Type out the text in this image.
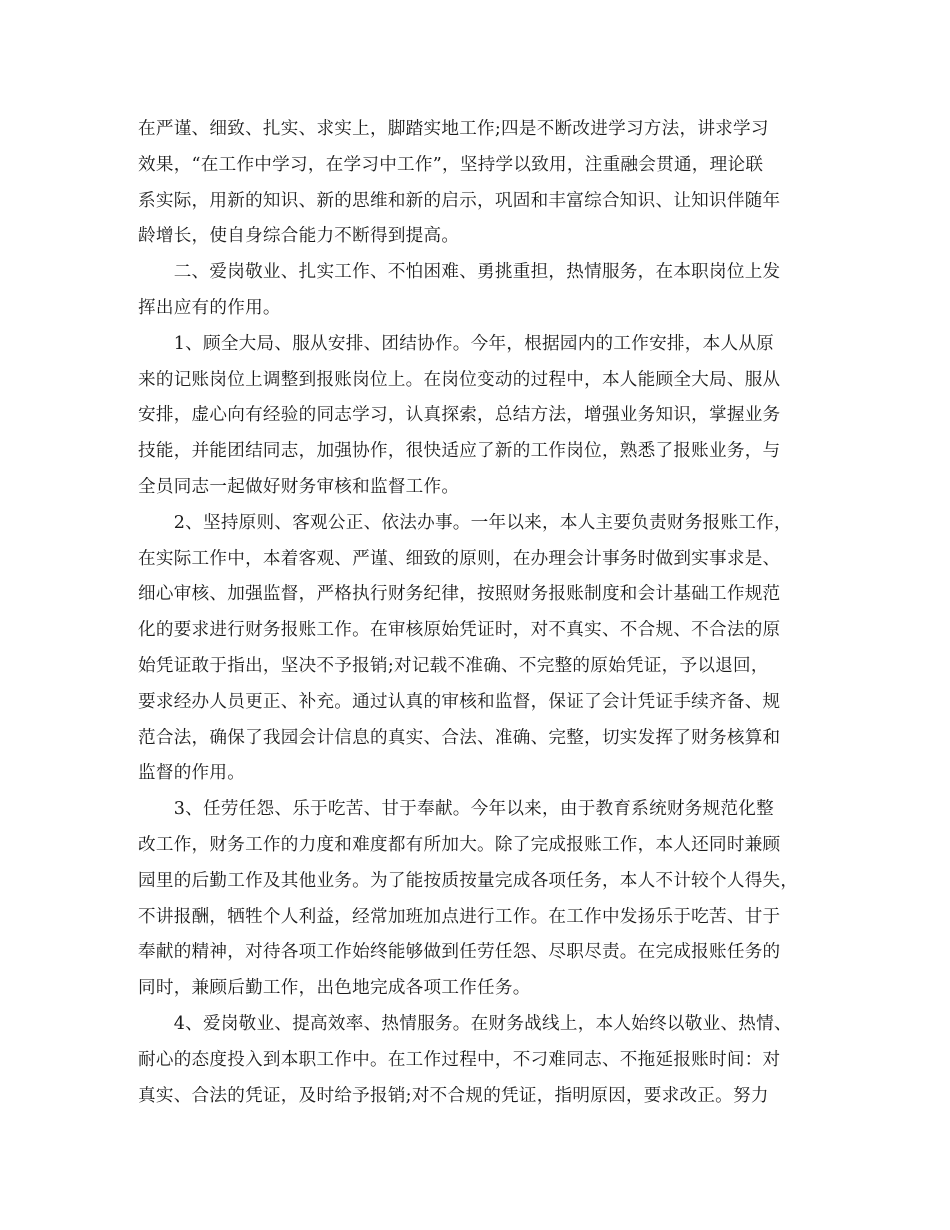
在严谨、细致、扎实、求实上，脚踏实地工作;四是不断改进学习方法，讲求学习
效果，“在工作中学习，在学习中工作”，坚持学以致用，注重融会贯通，理论联
系实际，用新的知识、新的思维和新的启示，巩固和丰富综合知识、让知识伴随年
龄增长，使自身综合能力不断得到提高。
　　二、爱岗敬业、扎实工作、不怕困难、勇挑重担，热情服务，在本职岗位上发
挥出应有的作用。
　　1、顾全大局、服从安排、团结协作。今年，根据园内的工作安排，本人从原
来的记账岗位上调整到报账岗位上。在岗位变动的过程中，本人能顾全大局、服从
安排，虚心向有经验的同志学习，认真探索，总结方法，增强业务知识，掌握业务
技能，并能团结同志，加强协作，很快适应了新的工作岗位，熟悉了报账业务，与
全员同志一起做好财务审核和监督工作。
　　2、坚持原则、客观公正、依法办事。一年以来，本人主要负责财务报账工作，
在实际工作中，本着客观、严谨、细致的原则，在办理会计事务时做到实事求是、
细心审核、加强监督，严格执行财务纪律，按照财务报账制度和会计基础工作规范
化的要求进行财务报账工作。在审核原始凭证时，对不真实、不合规、不合法的原
始凭证敢于指出，坚决不予报销;对记载不准确、不完整的原始凭证，予以退回，
要求经办人员更正、补充。通过认真的审核和监督，保证了会计凭证手续齐备、规
范合法，确保了我园会计信息的真实、合法、准确、完整，切实发挥了财务核算和
监督的作用。
　　3、任劳任怨、乐于吃苦、甘于奉献。今年以来，由于教育系统财务规范化整
改工作，财务工作的力度和难度都有所加大。除了完成报账工作，本人还同时兼顾
园里的后勤工作及其他业务。为了能按质按量完成各项任务，本人不计较个人得失，
不讲报酬，牺牲个人利益，经常加班加点进行工作。在工作中发扬乐于吃苦、甘于
奉献的精神，对待各项工作始终能够做到任劳任怨、尽职尽责。在完成报账任务的
同时，兼顾后勤工作，出色地完成各项工作任务。
　　4、爱岗敬业、提高效率、热情服务。在财务战线上，本人始终以敬业、热情、
耐心的态度投入到本职工作中。在工作过程中，不刁难同志、不拖延报账时间：对
真实、合法的凭证，及时给予报销;对不合规的凭证，指明原因，要求改正。努力
